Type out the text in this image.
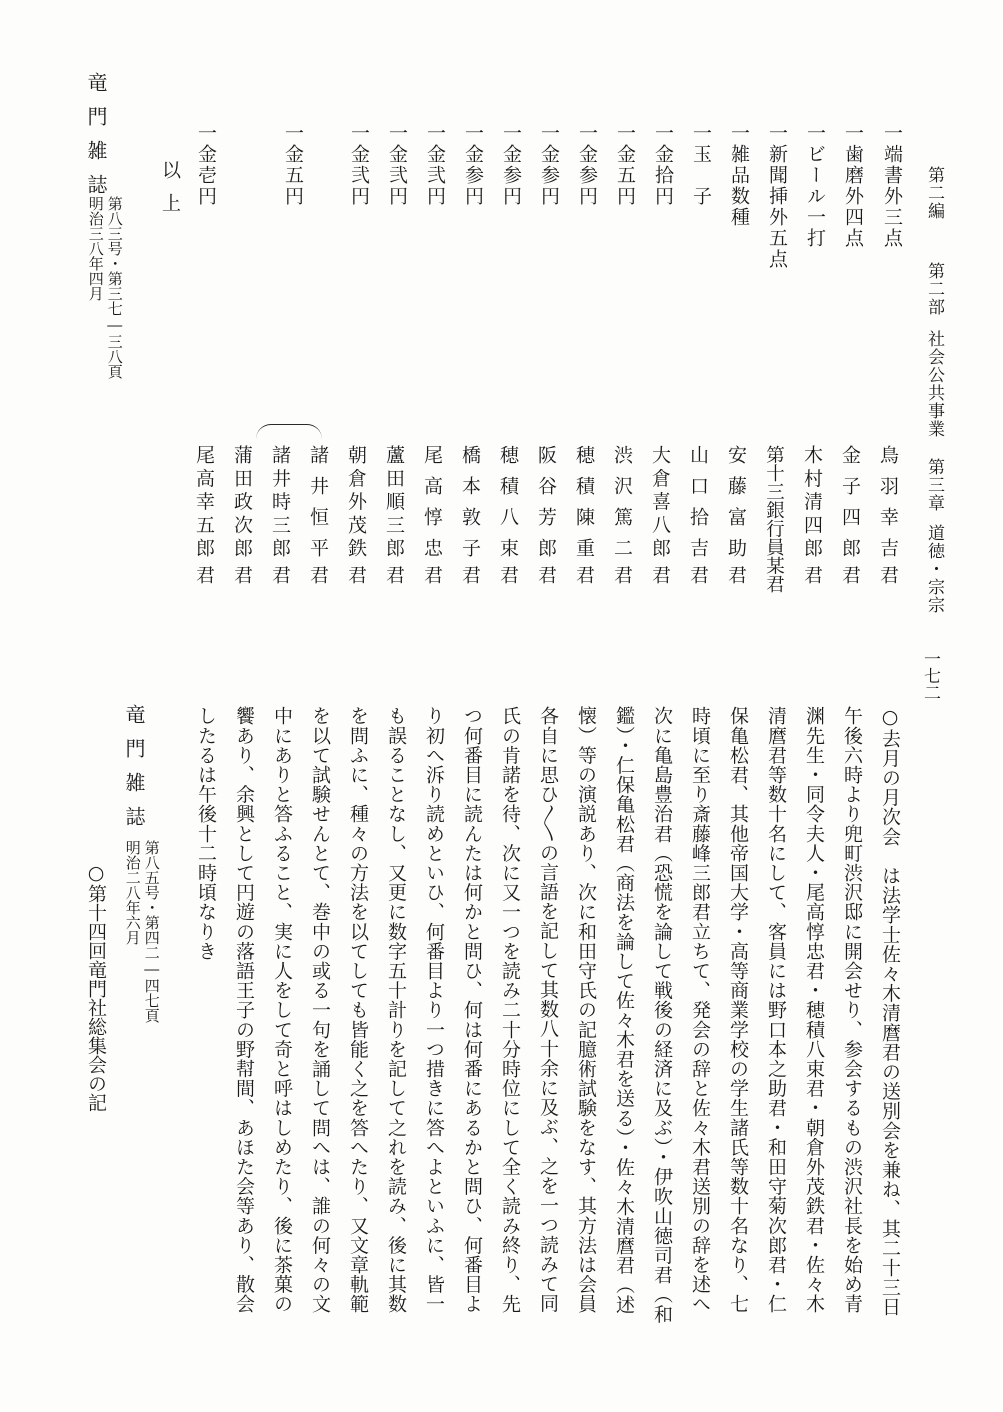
第二編
第二部
社会公共事業
第三章
道徳・宗宗
一七二
一端書外三点
一歯磨外四点
一ビール一打
一新聞挿外五点
一雑品数種
一玉　子
一金拾円
一金五円
一金参円
一金参円
一金参円
一金参円
一金弐円
一金弐円
一金弐円
一金五円
一金壱円
鳥羽幸吉君
金子四郎君
木村清四郎君
第十三銀行員某君
安藤富助君
山口拾吉君
大倉喜八郎君
渋沢篤二君
穂積陳重君
阪谷芳郎君
穂積八束君
橋本敦子君
尾高惇忠君
蘆田順三郎君
朝倉外茂鉄君
諸井恒平君
諸井時三郎君
蒲田政次郎君
尾高幸五郎君
以上
竜門雑誌
第八三号・第三七―三八頁
明治三八年四月
○去月の月次会　は法学士佐々木清麿君の送別会を兼ね、其二十三日
午後六時より兜町渋沢邸に開会せり、参会するもの渋沢社長を始め青
渊先生・同令夫人・尾高惇忠君・穂積八束君・朝倉外茂鉄君・佐々木
清麿君等数十名にして、客員には野口本之助君・和田守菊次郎君・仁
保亀松君、其他帝国大学・高等商業学校の学生諸氏等数十名なり、七
時頃に至り斎藤峰三郎君立ちて、発会の辞と佐々木君送別の辞を述へ
次に亀島豊治君（恐慌を論して戦後の経済に及ぶ）・伊吹山徳司君（和
鑑）・仁保亀松君（商法を論して佐々木君を送る）・佐々木清麿君（述
懐）等の演説あり、次に和田守氏の記臆術試験をなす、其方法は会員
各自に思ひ〳〵の言語を記して其数八十余に及ぶ、之を一つ読みて同
氏の肯諾を待、次に又一つを読み二十分時位にして全く読み終り、先
つ何番目に読んたは何かと問ひ、何は何番にあるかと問ひ、何番目よ
り初へ泝り読めといひ、何番目より一つ措きに答へよといふに、皆一
も誤ることなし、又更に数字五十計りを記して之れを読み、後に其数
を問ふに、種々の方法を以てしても皆能く之を答へたり、又文章軌範
を以て試験せんとて、巻中の或る一句を誦して問へは、誰の何々の文
中にありと答ふること、実に人をして奇と呼はしめたり、後に茶菓の
饗あり、余興として円遊の落語王子の野幇間、あほた会等あり、散会
したるは午後十二時頃なりき
竜門雑誌
第八五号・第四二―四七頁
明治二八年六月
○第十四回竜門社総集会の記
